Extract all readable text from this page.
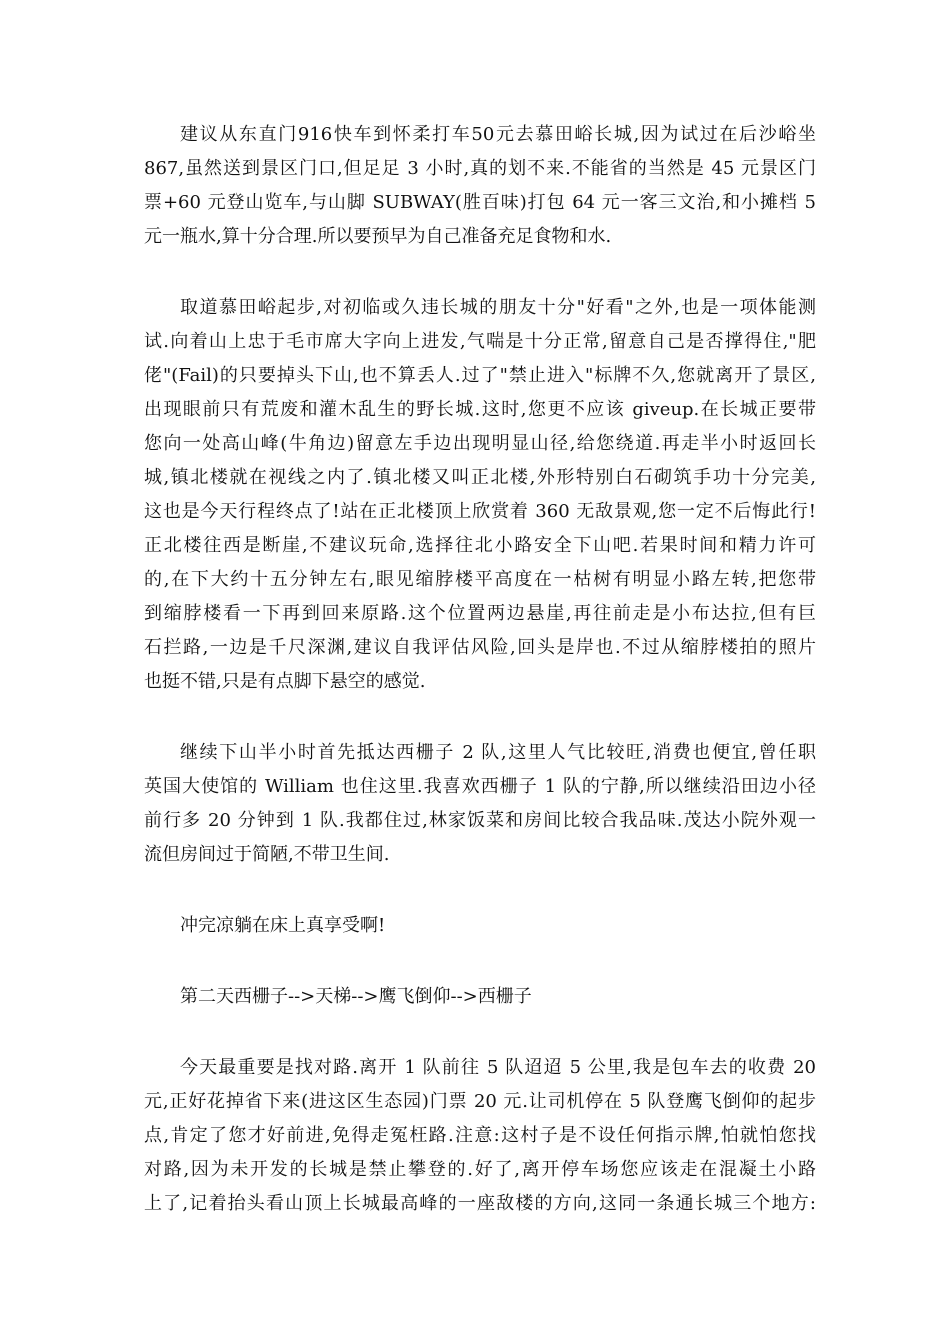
建议从东直门916快车到怀柔打车50元去慕田峪长城,因为试过在后沙峪坐
867,虽然送到景区门口,但足足 3 小时,真的划不来.不能省的当然是 45 元景区门
票+60 元登山览车,与山脚 SUBWAY(胜百味)打包 64 元一客三文治,和小摊档 5
元一瓶水,算十分合理.所以要预早为自己准备充足食物和水.
取道慕田峪起步,对初临或久违长城的朋友十分"好看"之外,也是一项体能测
试.向着山上忠于毛市席大字向上进发,气喘是十分正常,留意自己是否撑得住,"肥
佬"(Fail)的只要掉头下山,也不算丢人.过了"禁止进入"标牌不久,您就离开了景区,
出现眼前只有荒废和灌木乱生的野长城.这时,您更不应该 giveup.在长城正要带
您向一处高山峰(牛角边)留意左手边出现明显山径,给您绕道.再走半小时返回长
城,镇北楼就在视线之内了.镇北楼又叫正北楼,外形特别白石砌筑手功十分完美,
这也是今天行程终点了!站在正北楼顶上欣赏着 360 无敌景观,您一定不后悔此行!
正北楼往西是断崖,不建议玩命,选择往北小路安全下山吧.若果时间和精力许可
的,在下大约十五分钟左右,眼见缩脖楼平高度在一枯树有明显小路左转,把您带
到缩脖楼看一下再到回来原路.这个位置两边悬崖,再往前走是小布达拉,但有巨
石拦路,一边是千尺深渊,建议自我评估风险,回头是岸也.不过从缩脖楼拍的照片
也挺不错,只是有点脚下悬空的感觉.
继续下山半小时首先抵达西栅子 2 队,这里人气比较旺,消费也便宜,曾任职
英国大使馆的 William 也住这里.我喜欢西栅子 1 队的宁静,所以继续沿田边小径
前行多 20 分钟到 1 队.我都住过,林家饭菜和房间比较合我品味.茂达小院外观一
流但房间过于简陋,不带卫生间.
冲完凉躺在床上真享受啊!
第二天西栅子-->天梯-->鹰飞倒仰-->西栅子
今天最重要是找对路.离开 1 队前往 5 队迢迢 5 公里,我是包车去的收费 20
元,正好花掉省下来(进这区生态园)门票 20 元.让司机停在 5 队登鹰飞倒仰的起步
点,肯定了您才好前进,免得走冤枉路.注意:这村子是不设任何指示牌,怕就怕您找
对路,因为未开发的长城是禁止攀登的.好了,离开停车场您应该走在混凝土小路
上了,记着抬头看山顶上长城最高峰的一座敌楼的方向,这同一条通长城三个地方:
